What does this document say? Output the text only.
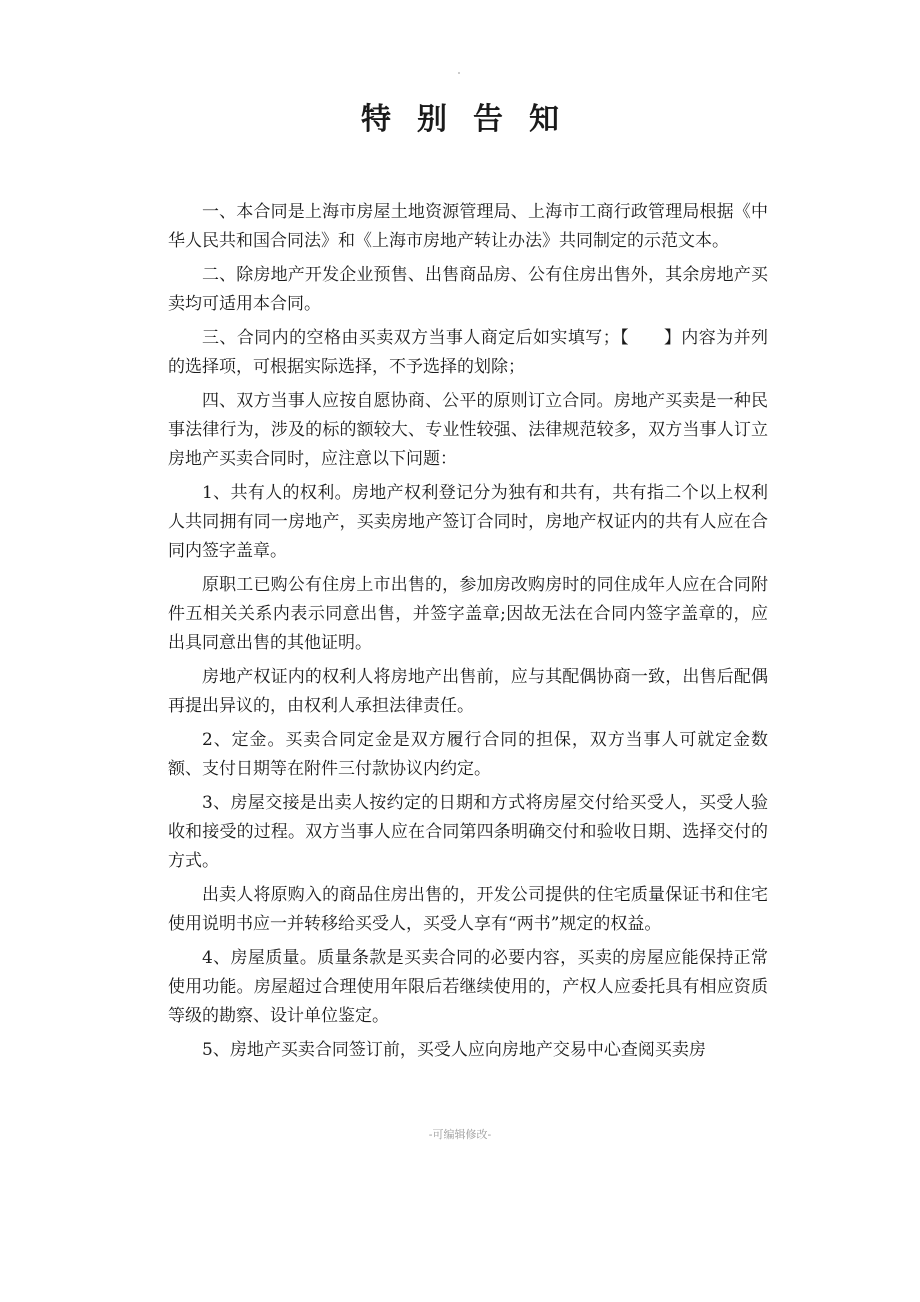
特别告知

一、本合同是上海市房屋土地资源管理局、上海市工商行政管理局根据《中华人民共和国合同法》和《上海市房地产转让办法》共同制定的示范文本。

二、除房地产开发企业预售、出售商品房、公有住房出售外，其余房地产买卖均可适用本合同。

三、合同内的空格由买卖双方当事人商定后如实填写；【　　】内容为并列的选择项，可根据实际选择，不予选择的划除；

四、双方当事人应按自愿协商、公平的原则订立合同。房地产买卖是一种民事法律行为，涉及的标的额较大、专业性较强、法律规范较多，双方当事人订立房地产买卖合同时，应注意以下问题：

1、共有人的权利。房地产权利登记分为独有和共有，共有指二个以上权利人共同拥有同一房地产，买卖房地产签订合同时，房地产权证内的共有人应在合同内签字盖章。

原职工已购公有住房上市出售的，参加房改购房时的同住成年人应在合同附件五相关关系内表示同意出售，并签字盖章;因故无法在合同内签字盖章的，应出具同意出售的其他证明。

房地产权证内的权利人将房地产出售前，应与其配偶协商一致，出售后配偶再提出异议的，由权利人承担法律责任。

2、定金。买卖合同定金是双方履行合同的担保，双方当事人可就定金数额、支付日期等在附件三付款协议内约定。

3、房屋交接是出卖人按约定的日期和方式将房屋交付给买受人，买受人验收和接受的过程。双方当事人应在合同第四条明确交付和验收日期、选择交付的方式。

出卖人将原购入的商品住房出售的，开发公司提供的住宅质量保证书和住宅使用说明书应一并转移给买受人，买受人享有“两书”规定的权益。

4、房屋质量。质量条款是买卖合同的必要内容，买卖的房屋应能保持正常使用功能。房屋超过合理使用年限后若继续使用的，产权人应委托具有相应资质等级的勘察、设计单位鉴定。

5、房地产买卖合同签订前，买受人应向房地产交易中心查阅买卖房

-可编辑修改-
